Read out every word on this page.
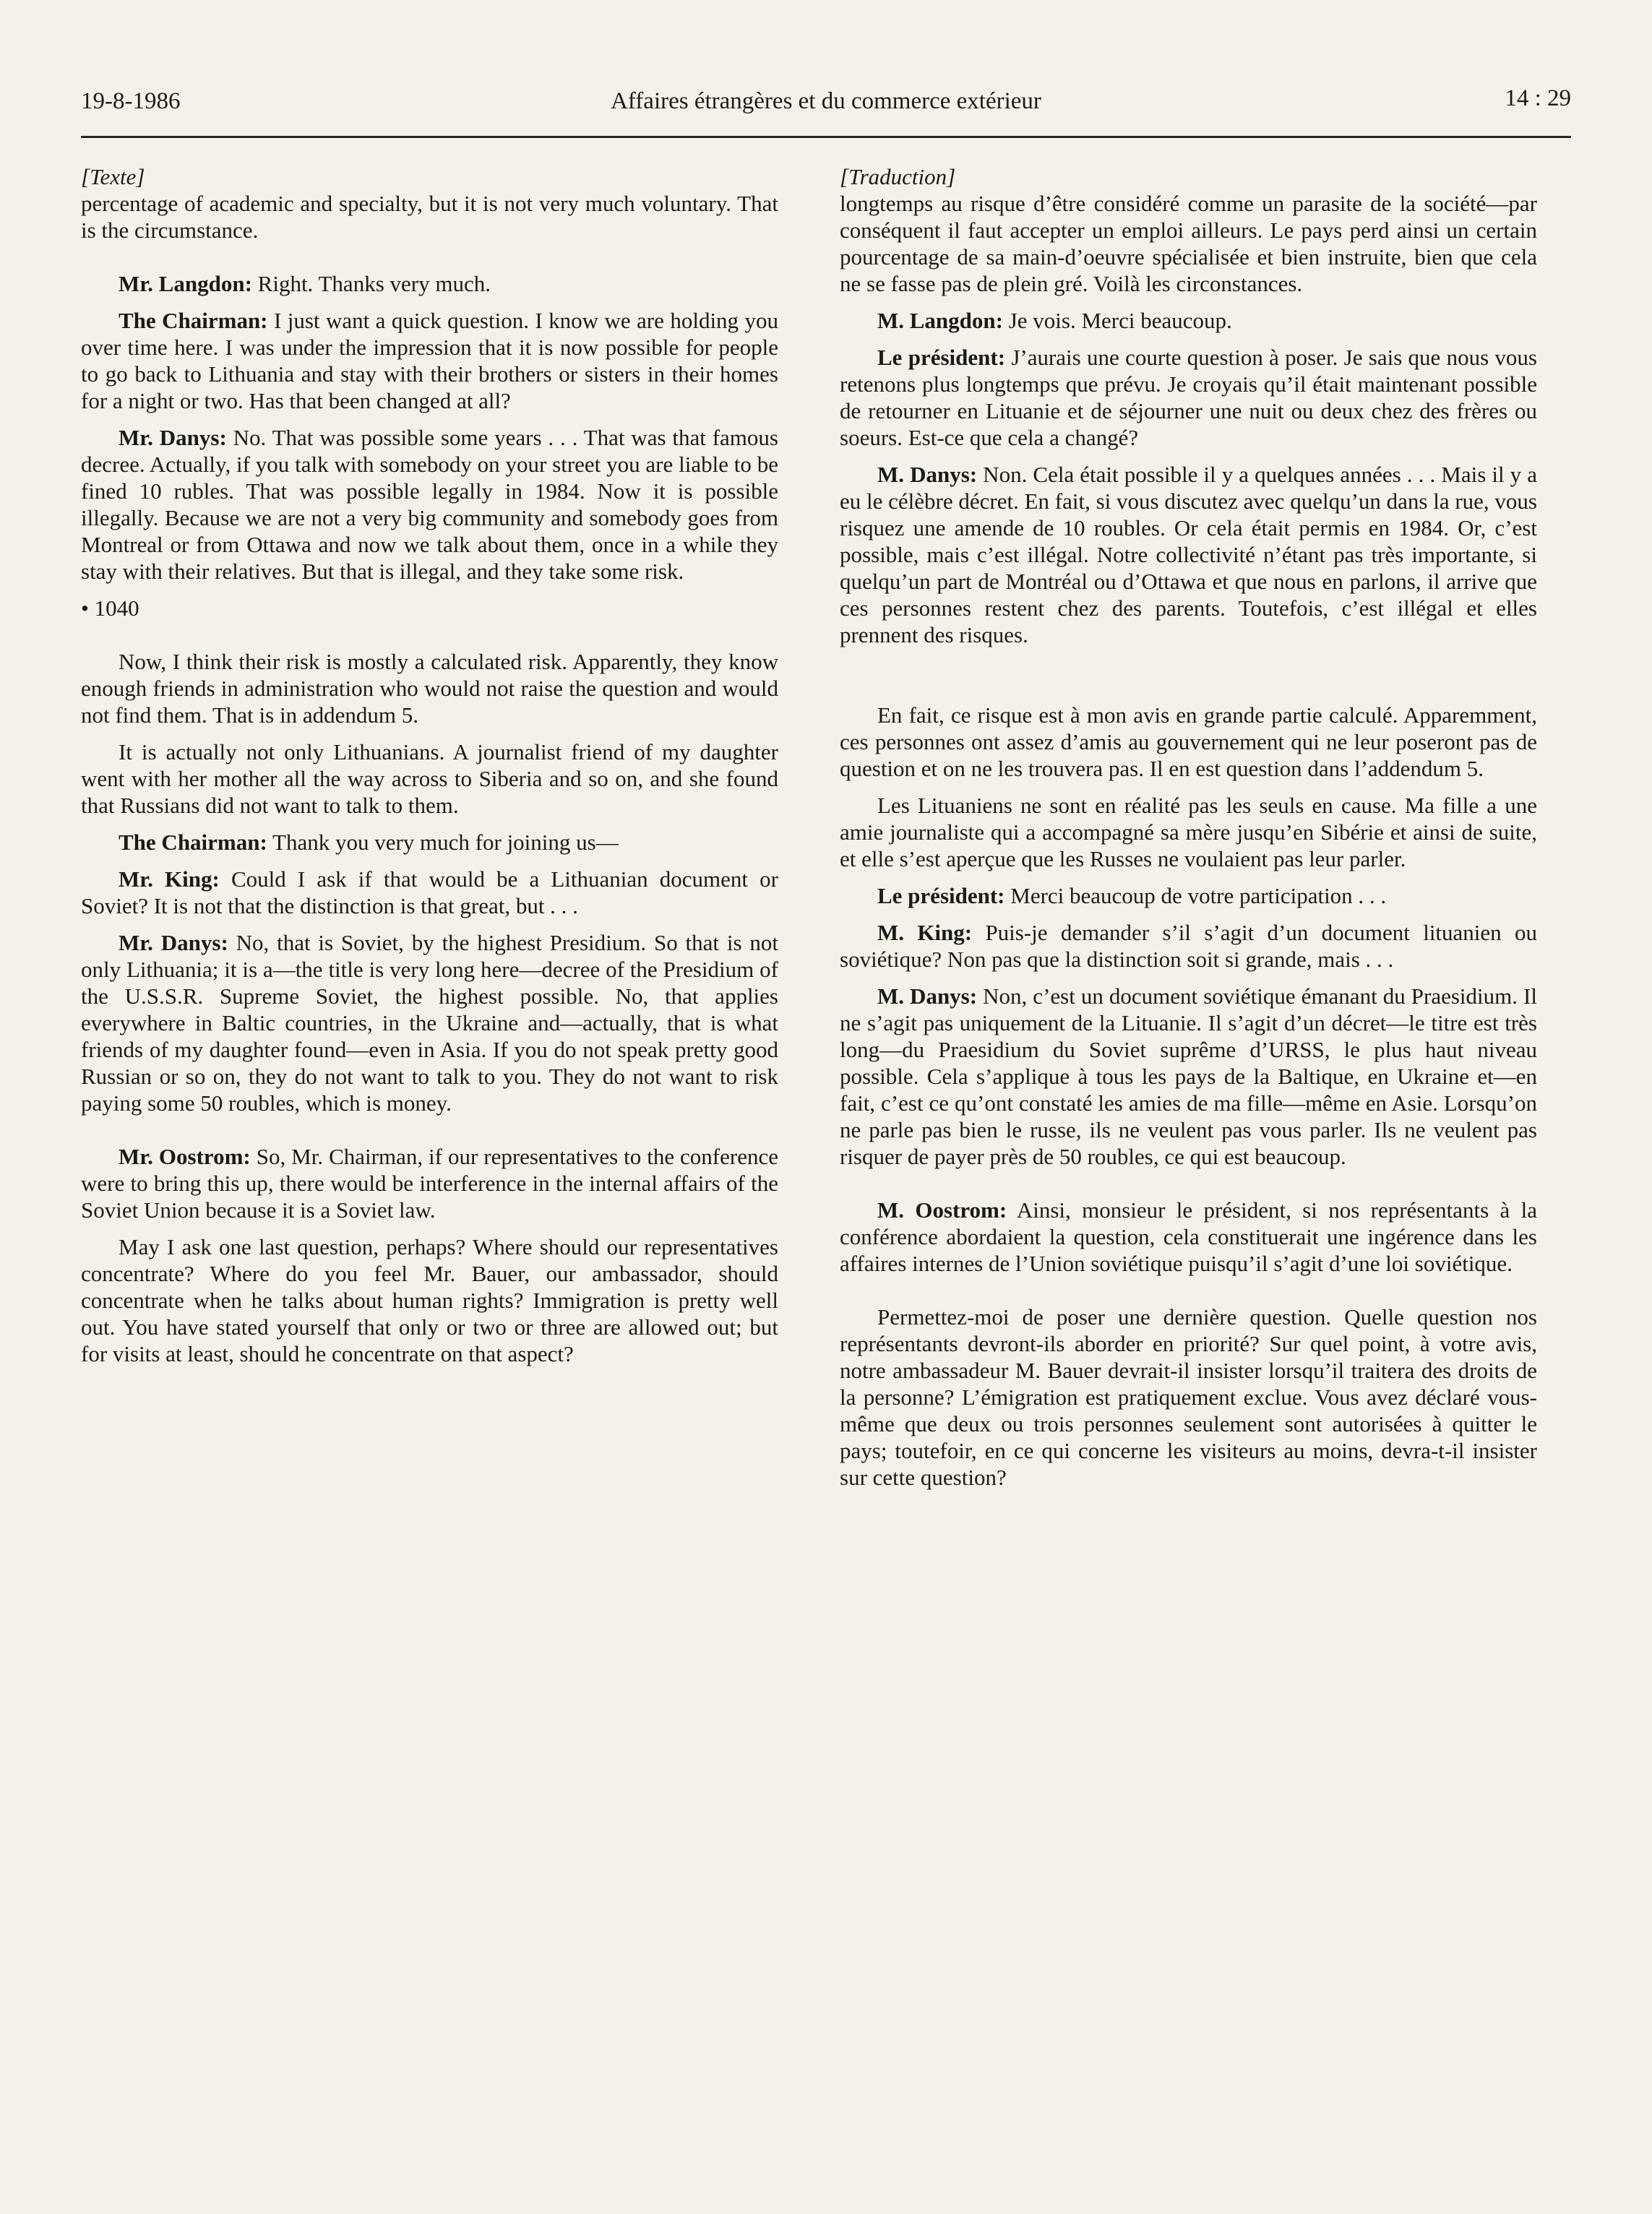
19-8-1986	Affaires étrangères et du commerce extérieur	14 : 29

[Texte]

percentage of academic and specialty, but it is not very much voluntary. That is the circumstance.

Mr. Langdon: Right. Thanks very much.

The Chairman: I just want a quick question. I know we are holding you over time here. I was under the impression that it is now possible for people to go back to Lithuania and stay with their brothers or sisters in their homes for a night or two. Has that been changed at all?

Mr. Danys: No. That was possible some years . . . That was that famous decree. Actually, if you talk with somebody on your street you are liable to be fined 10 rubles. That was possible legally in 1984. Now it is possible illegally. Because we are not a very big community and somebody goes from Montreal or from Ottawa and now we talk about them, once in a while they stay with their relatives. But that is illegal, and they take some risk.

• 1040

Now, I think their risk is mostly a calculated risk. Apparently, they know enough friends in administration who would not raise the question and would not find them. That is in addendum 5.

It is actually not only Lithuanians. A journalist friend of my daughter went with her mother all the way across to Siberia and so on, and she found that Russians did not want to talk to them.

The Chairman: Thank you very much for joining us—

Mr. King: Could I ask if that would be a Lithuanian document or Soviet? It is not that the distinction is that great, but . . .

Mr. Danys: No, that is Soviet, by the highest Presidium. So that is not only Lithuania; it is a—the title is very long here—decree of the Presidium of the U.S.S.R. Supreme Soviet, the highest possible. No, that applies everywhere in Baltic countries, in the Ukraine and—actually, that is what friends of my daughter found—even in Asia. If you do not speak pretty good Russian or so on, they do not want to talk to you. They do not want to risk paying some 50 roubles, which is money.

Mr. Oostrom: So, Mr. Chairman, if our representatives to the conference were to bring this up, there would be interference in the internal affairs of the Soviet Union because it is a Soviet law.

May I ask one last question, perhaps? Where should our representatives concentrate? Where do you feel Mr. Bauer, our ambassador, should concentrate when he talks about human rights? Immigration is pretty well out. You have stated yourself that only or two or three are allowed out; but for visits at least, should he concentrate on that aspect?

[Traduction]

longtemps au risque d’être considéré comme un parasite de la société—par conséquent il faut accepter un emploi ailleurs. Le pays perd ainsi un certain pourcentage de sa main-d’oeuvre spécialisée et bien instruite, bien que cela ne se fasse pas de plein gré. Voilà les circonstances.

M. Langdon: Je vois. Merci beaucoup.

Le président: J’aurais une courte question à poser. Je sais que nous vous retenons plus longtemps que prévu. Je croyais qu’il était maintenant possible de retourner en Lituanie et de séjourner une nuit ou deux chez des frères ou soeurs. Est-ce que cela a changé?

M. Danys: Non. Cela était possible il y a quelques années . . . Mais il y a eu le célèbre décret. En fait, si vous discutez avec quelqu’un dans la rue, vous risquez une amende de 10 roubles. Or cela était permis en 1984. Or, c’est possible, mais c’est illégal. Notre collectivité n’étant pas très importante, si quelqu’un part de Montréal ou d’Ottawa et que nous en parlons, il arrive que ces personnes restent chez des parents. Toutefois, c’est illégal et elles prennent des risques.

En fait, ce risque est à mon avis en grande partie calculé. Apparemment, ces personnes ont assez d’amis au gouvernement qui ne leur poseront pas de question et on ne les trouvera pas. Il en est question dans l’addendum 5.

Les Lituaniens ne sont en réalité pas les seuls en cause. Ma fille a une amie journaliste qui a accompagné sa mère jusqu’en Sibérie et ainsi de suite, et elle s’est aperçue que les Russes ne voulaient pas leur parler.

Le président: Merci beaucoup de votre participation . . .

M. King: Puis-je demander s’il s’agit d’un document lituanien ou soviétique? Non pas que la distinction soit si grande, mais . . .

M. Danys: Non, c’est un document soviétique émanant du Praesidium. Il ne s’agit pas uniquement de la Lituanie. Il s’agit d’un décret—le titre est très long—du Praesidium du Soviet suprême d’URSS, le plus haut niveau possible. Cela s’applique à tous les pays de la Baltique, en Ukraine et—en fait, c’est ce qu’ont constaté les amies de ma fille—même en Asie. Lorsqu’on ne parle pas bien le russe, ils ne veulent pas vous parler. Ils ne veulent pas risquer de payer près de 50 roubles, ce qui est beaucoup.

M. Oostrom: Ainsi, monsieur le président, si nos représentants à la conférence abordaient la question, cela constituerait une ingérence dans les affaires internes de l’Union soviétique puisqu’il s’agit d’une loi soviétique.

Permettez-moi de poser une dernière question. Quelle question nos représentants devront-ils aborder en priorité? Sur quel point, à votre avis, notre ambassadeur M. Bauer devrait-il insister lorsqu’il traitera des droits de la personne? L’émigration est pratiquement exclue. Vous avez déclaré vous-même que deux ou trois personnes seulement sont autorisées à quitter le pays; toutefoir, en ce qui concerne les visiteurs au moins, devra-t-il insister sur cette question?
